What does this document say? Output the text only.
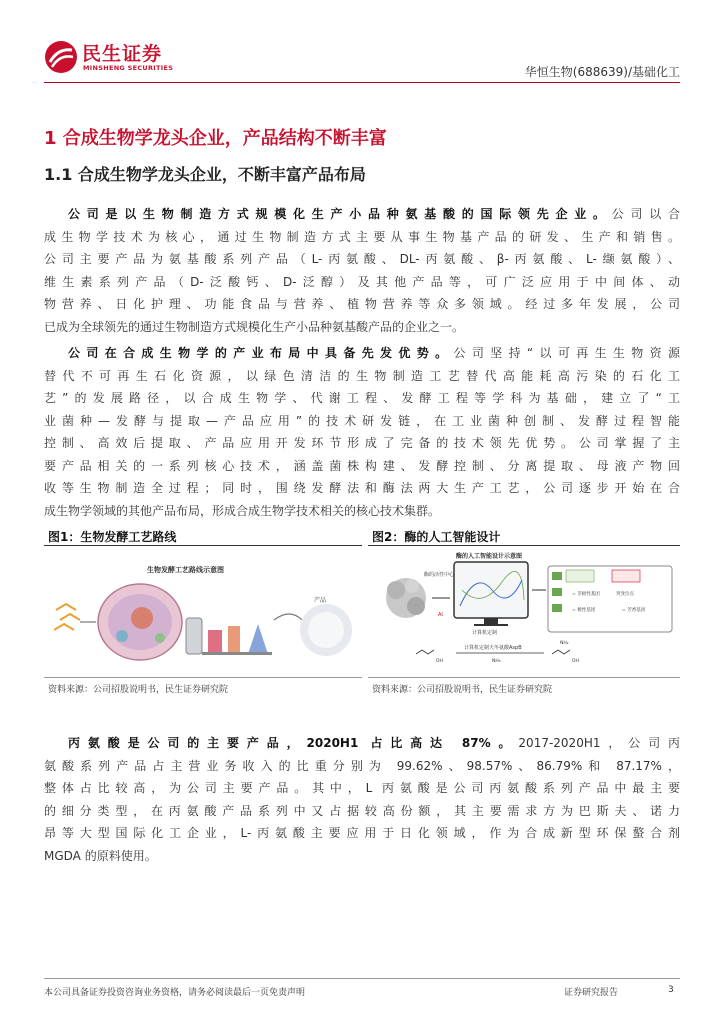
民生证券
MINSHENG SECURITIES	华恒生物(688639)/基础化工
1 合成生物学龙头企业，产品结构不断丰富
1.1 合成生物学龙头企业，不断丰富产品布局
公司是以生物制造方式规模化生产小品种氨基酸的国际领先企业。公司以合
成生物学技术为核心，通过生物制造方式主要从事生物基产品的研发、生产和销售。
公司主要产品为氨基酸系列产品（L-丙氨酸、DL-丙氨酸、β-丙氨酸、L-缬氨酸）、
维生素系列产品（D-泛酸钙、D-泛醇）及其他产品等，可广泛应用于中间体、动
物营养、日化护理、功能食品与营养、植物营养等众多领域。经过多年发展，公司
已成为全球领先的通过生物制造方式规模化生产小品种氨基酸产品的企业之一。
公司在合成生物学的产业布局中具备先发优势。公司坚持“以可再生生物资源
替代不可再生石化资源，以绿色清洁的生物制造工艺替代高能耗高污染的石化工
艺”的发展路径，以合成生物学、代谢工程、发酵工程等学科为基础，建立了“工
业菌种—发酵与提取—产品应用”的技术研发链，在工业菌种创制、发酵过程智能
控制、高效后提取、产品应用开发环节形成了完备的技术领先优势。公司掌握了主
要产品相关的一系列核心技术，涵盖菌株构建、发酵控制、分离提取、母液产物回
收等生物制造全过程；同时，围绕发酵法和酶法两大生产工艺，公司逐步开始在合
成生物学领域的其他产品布局，形成合成生物学技术相关的核心技术集群。
图1：生物发酵工艺路线
生物发酵工艺路线示意图
产品
资料来源：公司招股说明书，民生证券研究院
图2：酶的人工智能设计
酶的人工智能设计示意图
酶的活性中心
计算机定制
AI
= 非极性基团
= 极性基团	= 芳香基团
突变位点
OH
计算机定制天冬氨酸AspB
NH₃
NH₂
OH
资料来源：公司招股说明书，民生证券研究院
丙氨酸是公司的主要产品，2020H1 占比高达 87%。2017-2020H1，公司丙
氨酸系列产品占主营业务收入的比重分别为 99.62%、98.57%、86.79%和 87.17%，
整体占比较高，为公司主要产品。其中，L 丙氨酸是公司丙氨酸系列产品中最主要
的细分类型，在丙氨酸产品系列中又占据较高份额，其主要需求方为巴斯夫、诺力
昂等大型国际化工企业，L-丙氨酸主要应用于日化领域，作为合成新型环保螯合剂
MGDA 的原料使用。
本公司具备证券投资咨询业务资格，请务必阅读最后一页免责声明	证券研究报告	3
